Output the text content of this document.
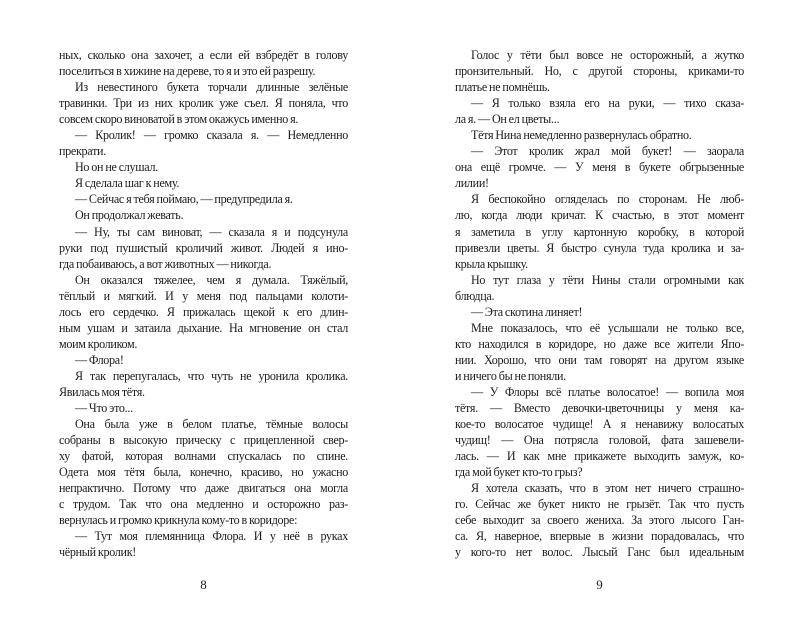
ных, сколько она захочет, а если ей взбредёт в голову
поселиться в хижине на дереве, то я и это ей разрешу.
Из невестиного букета торчали длинные зелёные
травинки. Три из них кролик уже съел. Я поняла, что
совсем скоро виноватой в этом окажусь именно я.
— Кролик! — громко сказала я. — Немедленно
прекрати.
Но он не слушал.
Я сделала шаг к нему.
— Сейчас я тебя поймаю, — предупредила я.
Он продолжал жевать.
— Ну, ты сам виноват, — сказала я и подсунула
руки под пушистый кроличий живот. Людей я ино-
гда побаиваюсь, а вот животных — никогда.
Он оказался тяжелее, чем я думала. Тяжёлый,
тёплый и мягкий. И у меня под пальцами колоти-
лось его сердечко. Я прижалась щекой к его длин-
ным ушам и затаила дыхание. На мгновение он стал
моим кроликом.
— Флора!
Я так перепугалась, что чуть не уронила кролика.
Явилась моя тётя.
— Что это...
Она была уже в белом платье, тёмные волосы
собраны в высокую прическу с прицепленной свер-
ху фатой, которая волнами спускалась по спине.
Одета моя тётя была, конечно, красиво, но ужасно
непрактично. Потому что даже двигаться она могла
с трудом. Так что она медленно и осторожно раз-
вернулась и громко крикнула кому-то в коридоре:
— Тут моя племянница Флора. И у неё в руках
чёрный кролик!
8
Голос у тёти был вовсе не осторожный, а жутко
пронзительный. Но, с другой стороны, криками-то
платье не помнёшь.
— Я только взяла его на руки, — тихо сказа-
ла я. — Он ел цветы...
Тётя Нина немедленно развернулась обратно.
— Этот кролик жрал мой букет! — заорала
она ещё громче. — У меня в букете обгрызенные
лилии!
Я беспокойно огляделась по сторонам. Не люб-
лю, когда люди кричат. К счастью, в этот момент
я заметила в углу картонную коробку, в которой
привезли цветы. Я быстро сунула туда кролика и за-
крыла крышку.
Но тут глаза у тёти Нины стали огромными как
блюдца.
— Эта скотина линяет!
Мне показалось, что её услышали не только все,
кто находился в коридоре, но даже все жители Япо-
нии. Хорошо, что они там говорят на другом языке
и ничего бы не поняли.
— У Флоры всё платье волосатое! — вопила моя
тётя. — Вместо девочки-цветочницы у меня ка-
кое-то волосатое чудище! А я ненавижу волосатых
чудищ! — Она потрясла головой, фата зашевели-
лась. — И как мне прикажете выходить замуж, ко-
гда мой букет кто-то грыз?
Я хотела сказать, что в этом нет ничего страшно-
го. Сейчас же букет никто не грызёт. Так что пусть
себе выходит за своего жениха. За этого лысого Ган-
са. Я, наверное, впервые в жизни порадовалась, что
у кого-то нет волос. Лысый Ганс был идеальным
9
